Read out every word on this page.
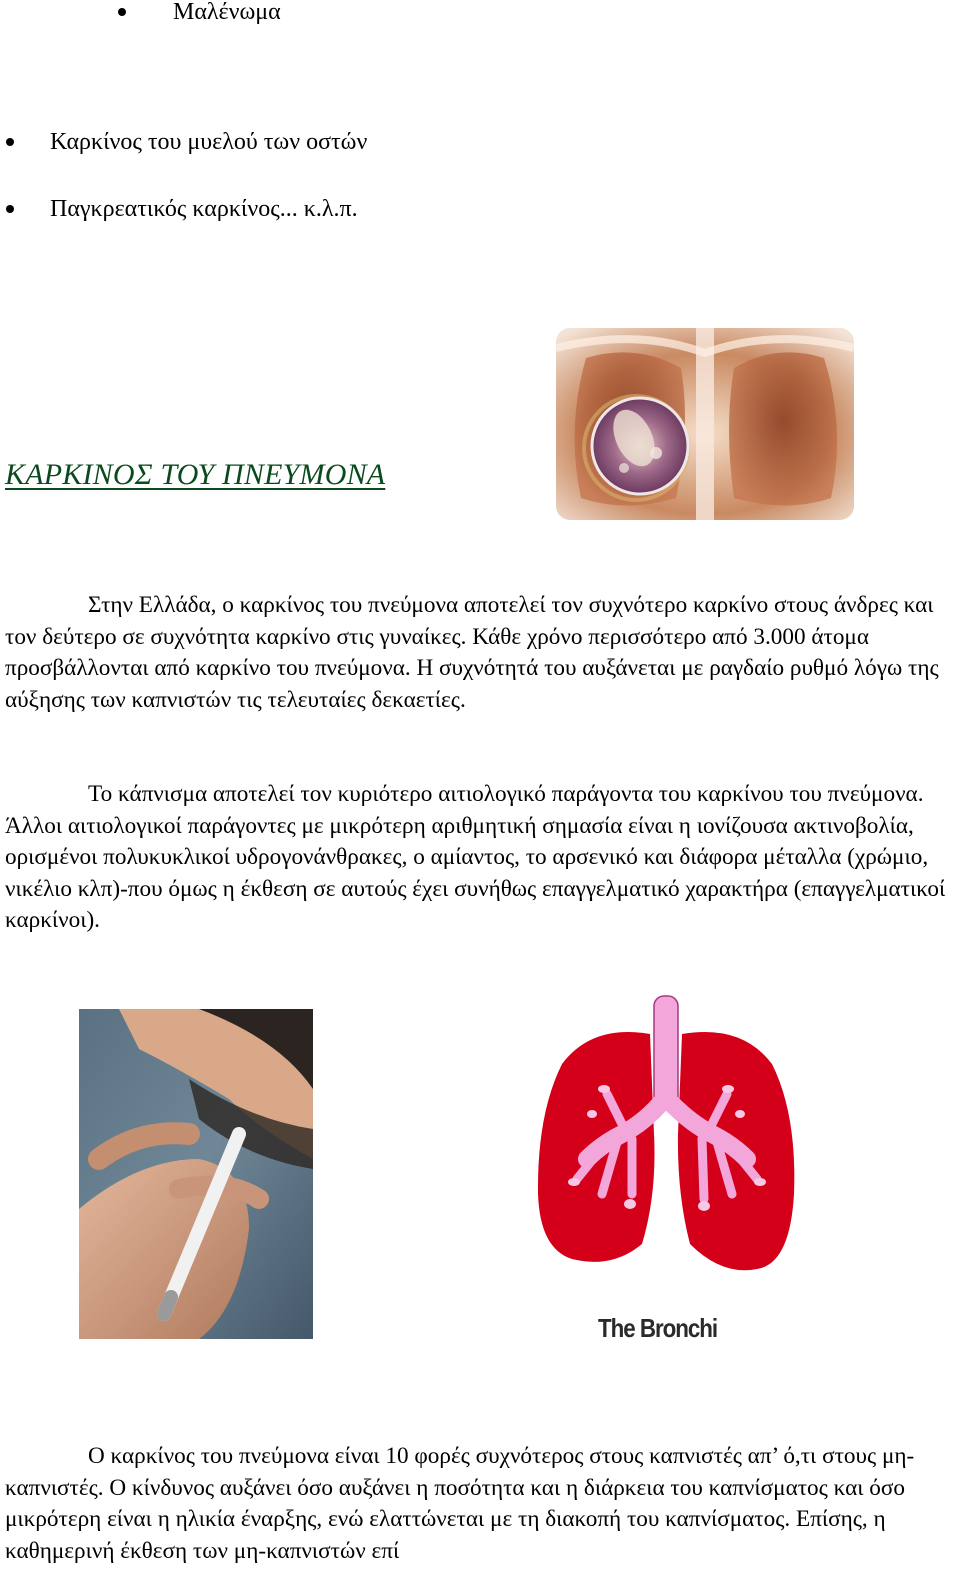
Μαλένωμα
Καρκίνος του μυελού των οστών
Παγκρεατικός καρκίνος... κ.λ.π.
ΚΑΡΚΙΝΟΣ ΤΟΥ ΠΝΕΥΜΟΝΑ

Στην Ελλάδα, ο καρκίνος του πνεύμονα αποτελεί τον συχνότερο καρκίνο στους άνδρες και τον δεύτερο σε συχνότητα καρκίνο στις γυναίκες. Κάθε χρόνο περισσότερο από 3.000 άτομα προσβάλλονται από καρκίνο του πνεύμονα. Η συχνότητά του αυξάνεται με ραγδαίο ρυθμό λόγω της αύξησης των καπνιστών τις τελευταίες δεκαετίες.

Το κάπνισμα αποτελεί τον κυριότερο αιτιολογικό παράγοντα του καρκίνου του πνεύμονα. Άλλοι αιτιολογικοί παράγοντες με μικρότερη αριθμητική σημασία είναι η ιονίζουσα ακτινοβολία, ορισμένοι πολυκυκλικοί υδρογονάνθρακες, ο αμίαντος, το αρσενικό και διάφορα μέταλλα (χρώμιο, νικέλιο κλπ)-που όμως η έκθεση σε αυτούς έχει συνήθως επαγγελματικό χαρακτήρα (επαγγελματικοί καρκίνοι).

The Bronchi

Ο καρκίνος του πνεύμονα είναι 10 φορές συχνότερος στους καπνιστές απ’ ό,τι στους μη-καπνιστές. Ο κίνδυνος αυξάνει όσο αυξάνει η ποσότητα και η διάρκεια του καπνίσματος και όσο μικρότερη είναι η ηλικία έναρξης, ενώ ελαττώνεται με τη διακοπή του καπνίσματος. Επίσης, η καθημερινή έκθεση των μη-καπνιστών επί
